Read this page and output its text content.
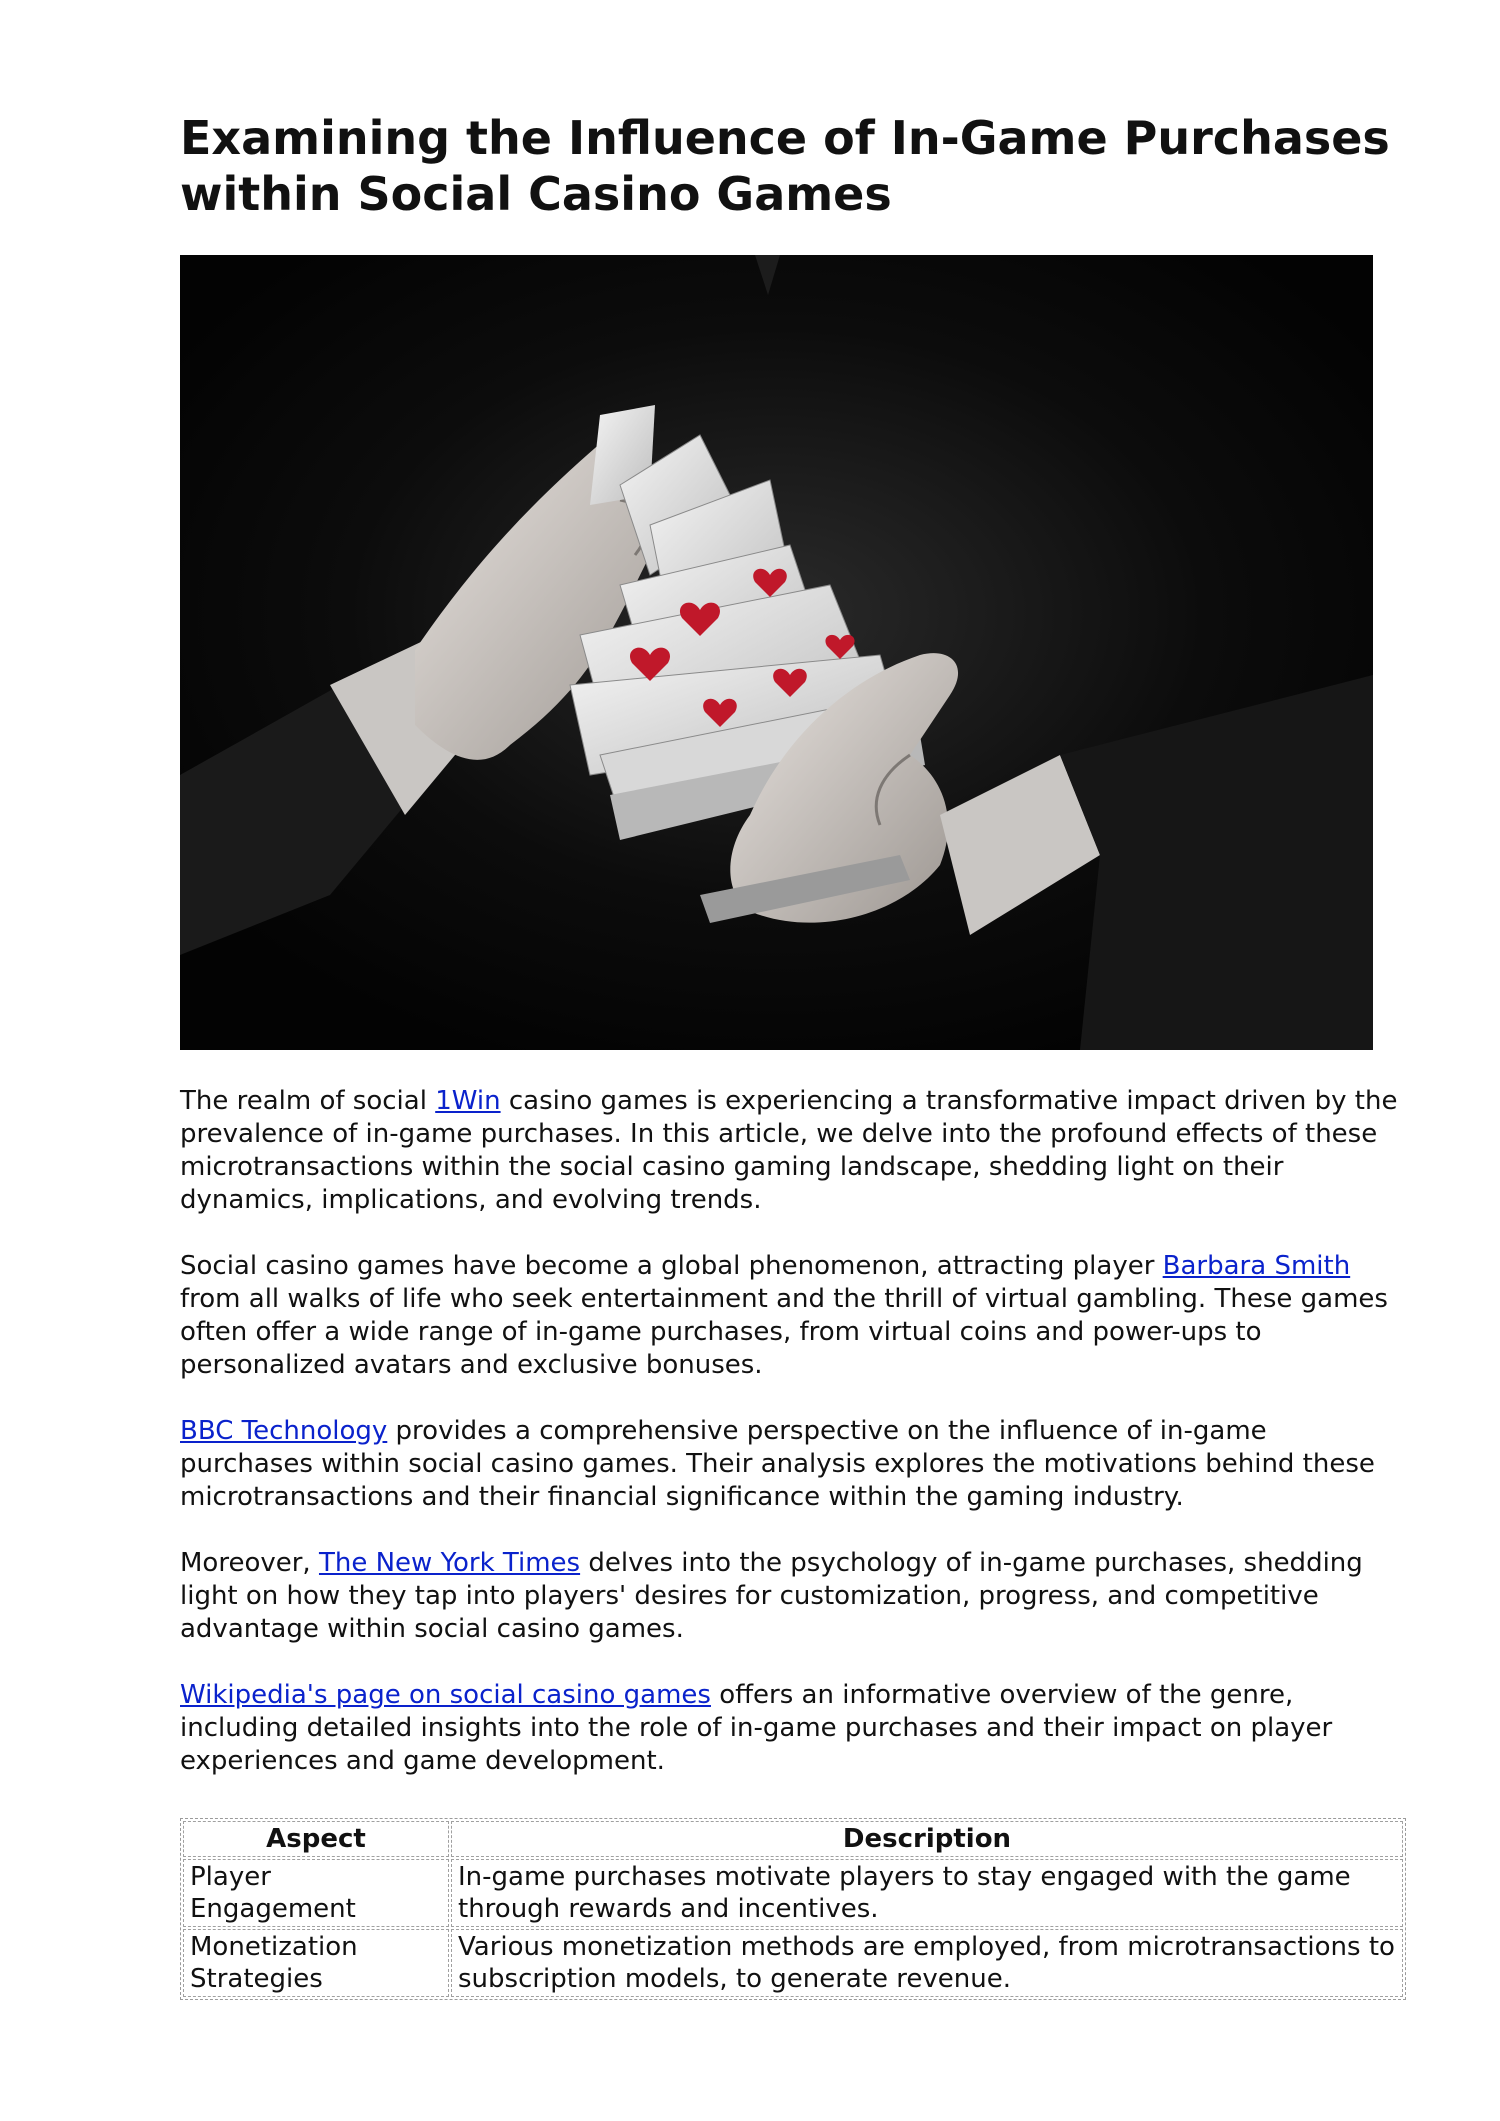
Examining the Influence of In-Game Purchases within Social Casino Games

The realm of social 1Win casino games is experiencing a transformative impact driven by the prevalence of in-game purchases. In this article, we delve into the profound effects of these microtransactions within the social casino gaming landscape, shedding light on their dynamics, implications, and evolving trends.

Social casino games have become a global phenomenon, attracting player Barbara Smith from all walks of life who seek entertainment and the thrill of virtual gambling. These games often offer a wide range of in-game purchases, from virtual coins and power-ups to personalized avatars and exclusive bonuses.

BBC Technology provides a comprehensive perspective on the influence of in-game purchases within social casino games. Their analysis explores the motivations behind these microtransactions and their financial significance within the gaming industry.

Moreover, The New York Times delves into the psychology of in-game purchases, shedding light on how they tap into players' desires for customization, progress, and competitive advantage within social casino games.

Wikipedia's page on social casino games offers an informative overview of the genre, including detailed insights into the role of in-game purchases and their impact on player experiences and game development.

Aspect	Description
Player Engagement	In-game purchases motivate players to stay engaged with the game through rewards and incentives.
Monetization Strategies	Various monetization methods are employed, from microtransactions to subscription models, to generate revenue.
